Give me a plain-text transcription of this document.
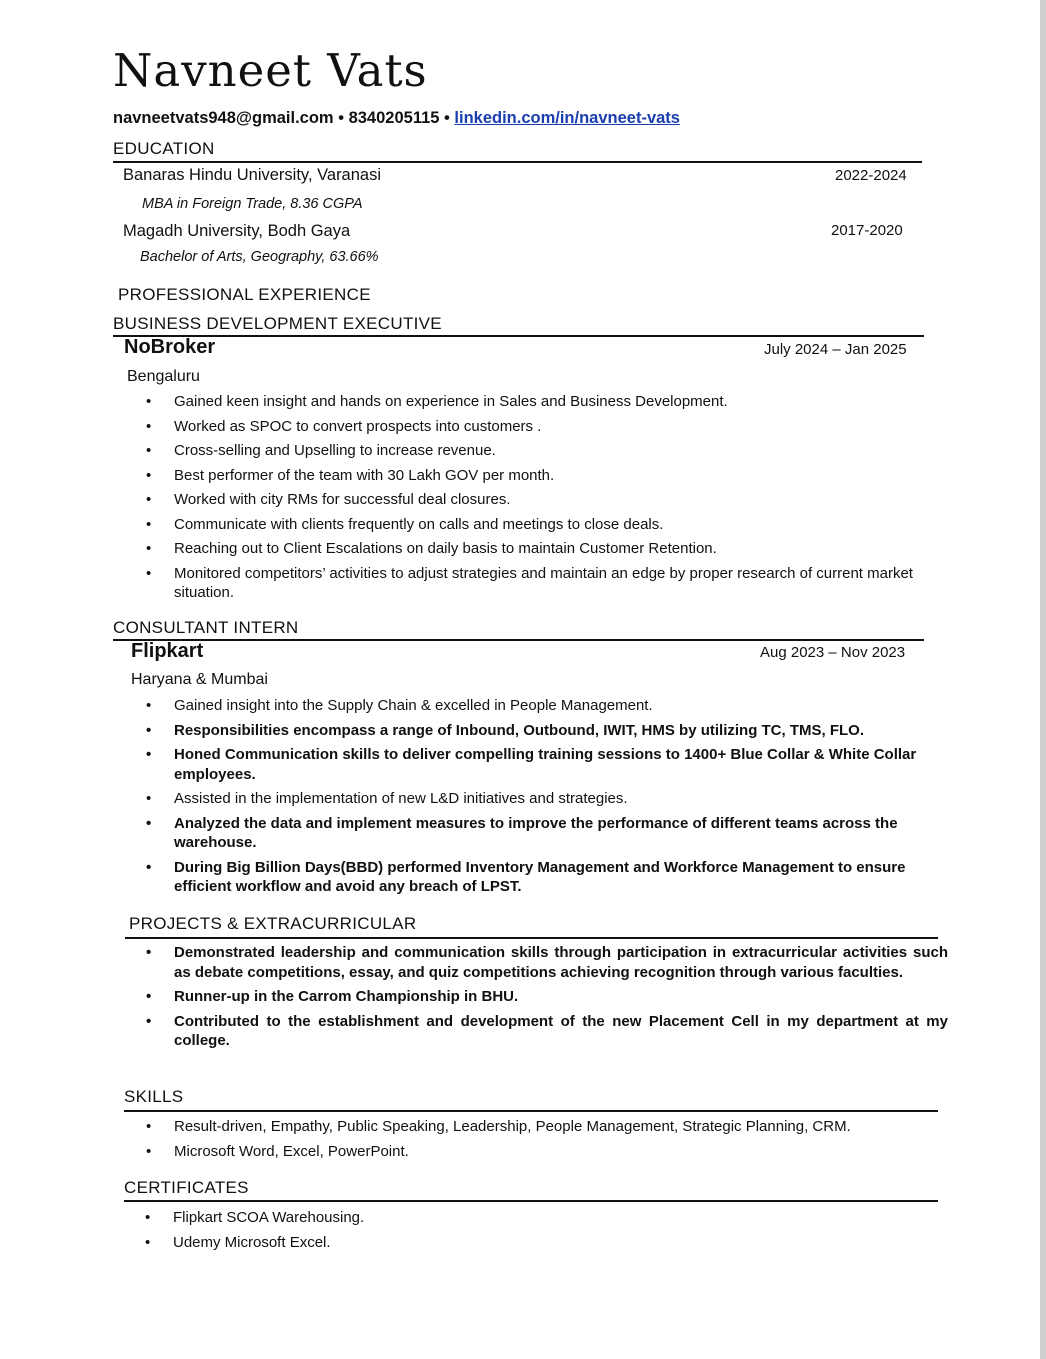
Navneet Vats
navneetvats948@gmail.com • 8340205115 • linkedin.com/in/navneet-vats
EDUCATION
Banaras Hindu University, Varanasi	2022-2024
MBA in Foreign Trade, 8.36 CGPA
Magadh University, Bodh Gaya	2017-2020
Bachelor of Arts, Geography, 63.66%
PROFESSIONAL EXPERIENCE
BUSINESS DEVELOPMENT EXECUTIVE
NoBroker	July 2024 – Jan 2025
Bengaluru
• Gained keen insight and hands on experience in Sales and Business Development.
• Worked as SPOC to convert prospects into customers .
• Cross-selling and Upselling to increase revenue.
• Best performer of the team with 30 Lakh GOV per month.
• Worked with city RMs for successful deal closures.
• Communicate with clients frequently on calls and meetings to close deals.
• Reaching out to Client Escalations on daily basis to maintain Customer Retention.
• Monitored competitors’ activities to adjust strategies and maintain an edge by proper research of current market situation.
CONSULTANT INTERN
Flipkart	Aug 2023 – Nov 2023
Haryana & Mumbai
• Gained insight into the Supply Chain & excelled in People Management.
• Responsibilities encompass a range of Inbound, Outbound, IWIT, HMS by utilizing TC, TMS, FLO.
• Honed Communication skills to deliver compelling training sessions to 1400+ Blue Collar & White Collar employees.
• Assisted in the implementation of new L&D initiatives and strategies.
• Analyzed the data and implement measures to improve the performance of different teams across the warehouse.
• During Big Billion Days(BBD) performed Inventory Management and Workforce Management to ensure efficient workflow and avoid any breach of LPST.
PROJECTS & EXTRACURRICULAR
• Demonstrated leadership and communication skills through participation in extracurricular activities such as debate competitions, essay, and quiz competitions achieving recognition through various faculties.
• Runner-up in the Carrom Championship in BHU.
• Contributed to the establishment and development of the new Placement Cell in my department at my college.
SKILLS
• Result-driven, Empathy, Public Speaking, Leadership, People Management, Strategic Planning, CRM.
• Microsoft Word, Excel, PowerPoint.
CERTIFICATES
• Flipkart SCOA Warehousing.
• Udemy Microsoft Excel.
